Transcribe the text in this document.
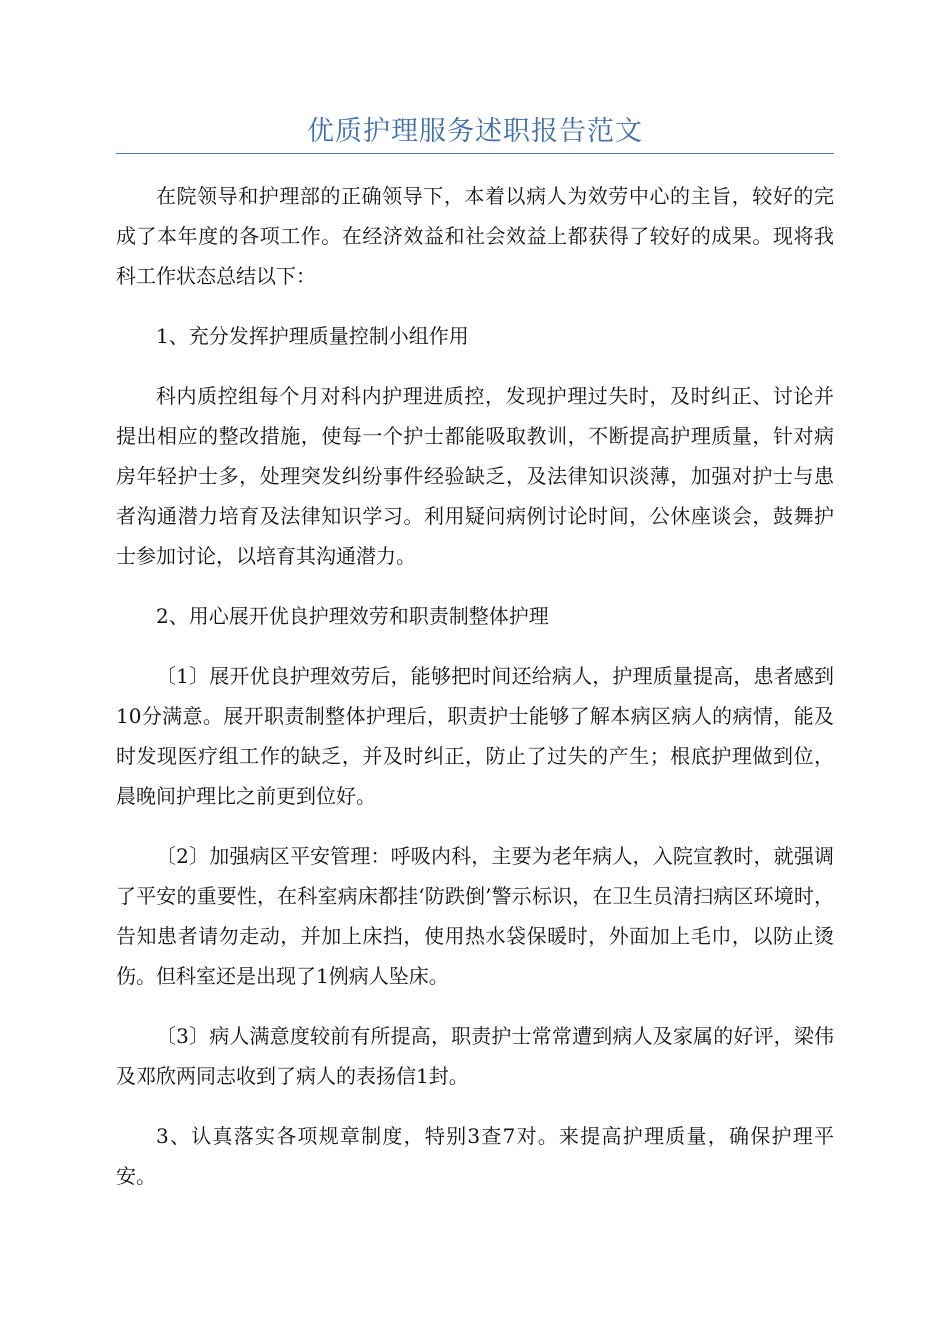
优质护理服务述职报告范文

在院领导和护理部的正确领导下，本着以病人为效劳中心的主旨，较好的完成了本年度的各项工作。在经济效益和社会效益上都获得了较好的成果。现将我科工作状态总结以下：

1、充分发挥护理质量控制小组作用

科内质控组每个月对科内护理进质控，发现护理过失时，及时纠正、讨论并提出相应的整改措施，使每一个护士都能吸取教训，不断提高护理质量，针对病房年轻护士多，处理突发纠纷事件经验缺乏，及法律知识淡薄，加强对护士与患者沟通潜力培育及法律知识学习。利用疑问病例讨论时间，公休座谈会，鼓舞护士参加讨论，以培育其沟通潜力。

2、用心展开优良护理效劳和职责制整体护理

〔1〕展开优良护理效劳后，能够把时间还给病人，护理质量提高，患者感到10分满意。展开职责制整体护理后，职责护士能够了解本病区病人的病情，能及时发现医疗组工作的缺乏，并及时纠正，防止了过失的产生；根底护理做到位，晨晚间护理比之前更到位好。

〔2〕加强病区平安管理：呼吸内科，主要为老年病人，入院宣教时，就强调了平安的重要性，在科室病床都挂‘防跌倒’警示标识，在卫生员清扫病区环境时，告知患者请勿走动，并加上床挡，使用热水袋保暖时，外面加上毛巾，以防止烫伤。但科室还是出现了1例病人坠床。

〔3〕病人满意度较前有所提高，职责护士常常遭到病人及家属的好评，梁伟及邓欣两同志收到了病人的表扬信1封。

3、认真落实各项规章制度，特别3查7对。来提高护理质量，确保护理平安。
